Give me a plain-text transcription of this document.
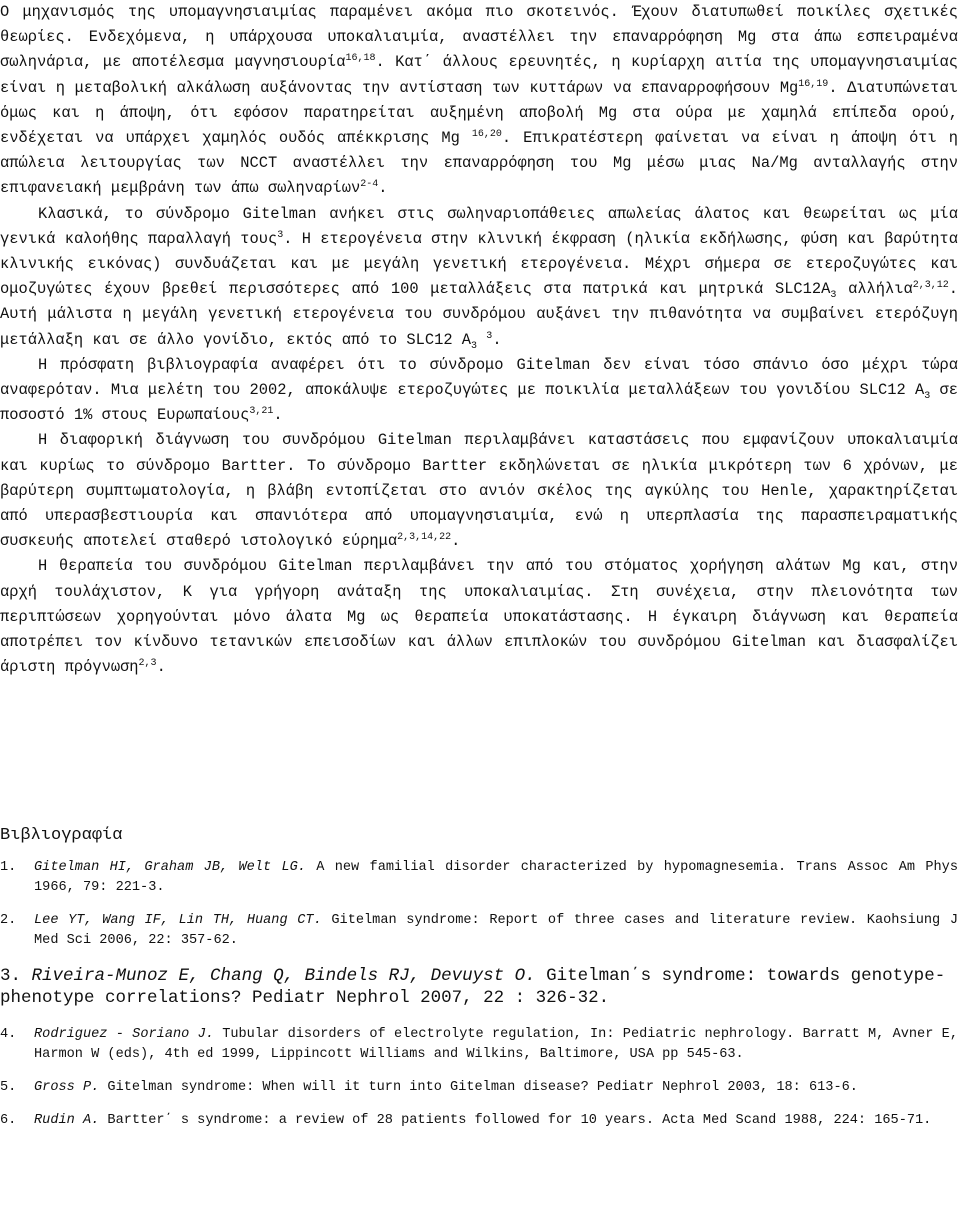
Ο μηχανισμός της υπομαγνησιαιμίας παραμένει ακόμα πιο σκοτεινός. Έχουν διατυπωθεί ποικίλες σχετικές θεωρίες. Ενδεχόμενα, η υπάρχουσα υποκαλιαιμία, αναστέλλει την επαναρρόφηση Mg στα άπω εσπειραμένα σωληνάρια, με αποτέλεσμα μαγνησιουρία$^{16,18}$. Κατ΄ άλλους ερευνητές, η κυρίαρχη αιτία της υπομαγνησιαιμίας είναι η μεταβολική αλκάλωση αυξάνοντας την αντίσταση των κυττάρων να επαναρροφήσουν Mg$^{16,19}$. Διατυπώνεται όμως και η άποψη, ότι εφόσον παρατηρείται αυξημένη αποβολή Mg στα ούρα με χαμηλά επίπεδα ορού, ενδέχεται να υπάρχει χαμηλός ουδός απέκκρισης Mg $^{16,20}$. Επικρατέστερη φαίνεται να είναι η άποψη ότι η απώλεια λειτουργίας των NCCT αναστέλλει την επαναρρόφηση του Mg μέσω μιας Na/Mg ανταλλαγής στην επιφανειακή μεμβράνη των άπω σωληναρίων$^{2-4}$.

Κλασικά, το σύνδρομο Gitelman ανήκει στις σωληναριοπάθειες απωλείας άλατος και θεωρείται ως μία γενικά καλοήθης παραλλαγή τους$^3$. Η ετερογένεια στην κλινική έκφραση (ηλικία εκδήλωσης, φύση και βαρύτητα κλινικής εικόνας) συνδυάζεται και με μεγάλη γενετική ετερογένεια. Μέχρι σήμερα σε ετεροζυγώτες και ομοζυγώτες έχουν βρεθεί περισσότερες από 100 μεταλλάξεις στα πατρικά και μητρικά $SLC12A_3$ αλλήλια$^{2,3,12}$. Αυτή μάλιστα η μεγάλη γενετική ετερογένεια του συνδρόμου αυξάνει την πιθανότητα να συμβαίνει ετερόζυγη μετάλλαξη και σε άλλο γονίδιο, εκτός από το SLC12 $A_3$ $^3$.

Η πρόσφατη βιβλιογραφία αναφέρει ότι το σύνδρομο Gitelman δεν είναι τόσο σπάνιο όσο μέχρι τώρα αναφερόταν. Μια μελέτη του 2002, αποκάλυψε ετεροζυγώτες με ποικιλία μεταλλάξεων του γονιδίου SLC12 $A_3$ σε ποσοστό 1% στους Ευρωπαίους$^{3,21}$.

Η διαφορική διάγνωση του συνδρόμου Gitelman περιλαμβάνει καταστάσεις που εμφανίζουν υποκαλιαιμία και κυρίως το σύνδρομο Bartter. Το σύνδρομο Bartter εκδηλώνεται σε ηλικία μικρότερη των 6 χρόνων, με βαρύτερη συμπτωματολογία, η βλάβη εντοπίζεται στο ανιόν σκέλος της αγκύλης του Henle, χαρακτηρίζεται από υπερασβεστιουρία και σπανιότερα από υπομαγνησιαιμία, ενώ η υπερπλασία της παρασπειραματικής συσκευής αποτελεί σταθερό ιστολογικό εύρημα$^{2,3,14,22}$.

Η θεραπεία του συνδρόμου Gitelman περιλαμβάνει την από του στόματος χορήγηση αλάτων Mg και, στην αρχή τουλάχιστον, K για γρήγορη ανάταξη της υποκαλιαιμίας. Στη συνέχεια, στην πλειονότητα των περιπτώσεων χορηγούνται μόνο άλατα Mg ως θεραπεία υποκατάστασης. Η έγκαιρη διάγνωση και θεραπεία αποτρέπει τον κίνδυνο τετανικών επεισοδίων και άλλων επιπλοκών του συνδρόμου Gitelman και διασφαλίζει άριστη πρόγνωση$^{2,3}$.

Βιβλιογραφία
1.	Gitelman HI, Graham JB, Welt LG. A new familial disorder characterized by hypomagnesemia. Trans Assoc Am Phys 1966, 79: 221-3.
2.	Lee YT, Wang IF, Lin TH, Huang CT. Gitelman syndrome: Report of three cases and literature review. Kaohsiung J Med Sci 2006, 22: 357-62.
3. Riveira-Munoz E, Chang Q, Bindels RJ, Devuyst O. Gitelman΄s syndrome: towards genotype-phenotype correlations? Pediatr Nephrol 2007, 22 : 326-32.
4.	Rodriguez - Soriano J. Tubular disorders of electrolyte regulation, In: Pediatric nephrology. Barratt M, Avner E, Harmon W (eds), 4th ed 1999, Lippincott Williams and Wilkins, Baltimore, USA pp 545-63.
5.	Gross P. Gitelman syndrome: When will it turn into Gitelman disease? Pediatr Nephrol 2003, 18: 613-6.
6.	Rudin A. Bartter΄ s syndrome: a review of 28 patients followed for 10 years. Acta Med Scand 1988, 224: 165-71.
